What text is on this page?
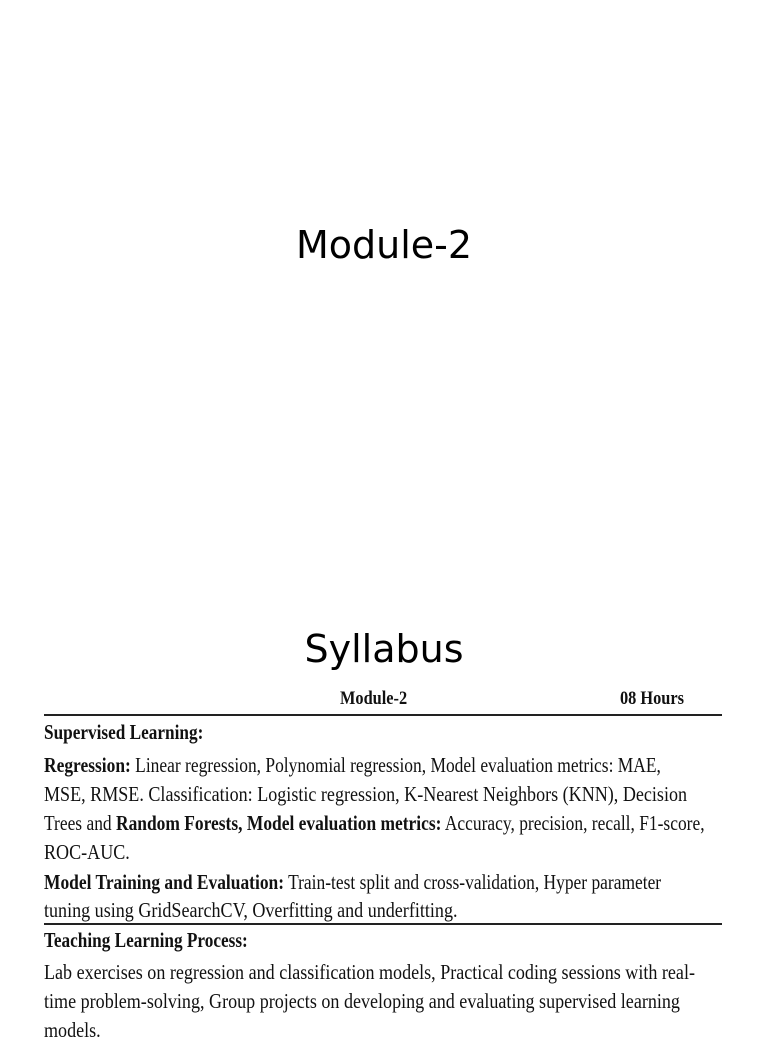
Module-2
Syllabus
Module-2	08 Hours
Supervised Learning:
Regression: Linear regression, Polynomial regression, Model evaluation metrics: MAE,
MSE, RMSE. Classification: Logistic regression, K-Nearest Neighbors (KNN), Decision
Trees and Random Forests, Model evaluation metrics: Accuracy, precision, recall, F1-score,
ROC-AUC.
Model Training and Evaluation: Train-test split and cross-validation, Hyper parameter
tuning using GridSearchCV, Overfitting and underfitting.
Teaching Learning Process:
Lab exercises on regression and classification models, Practical coding sessions with real-
time problem-solving, Group projects on developing and evaluating supervised learning
models.
